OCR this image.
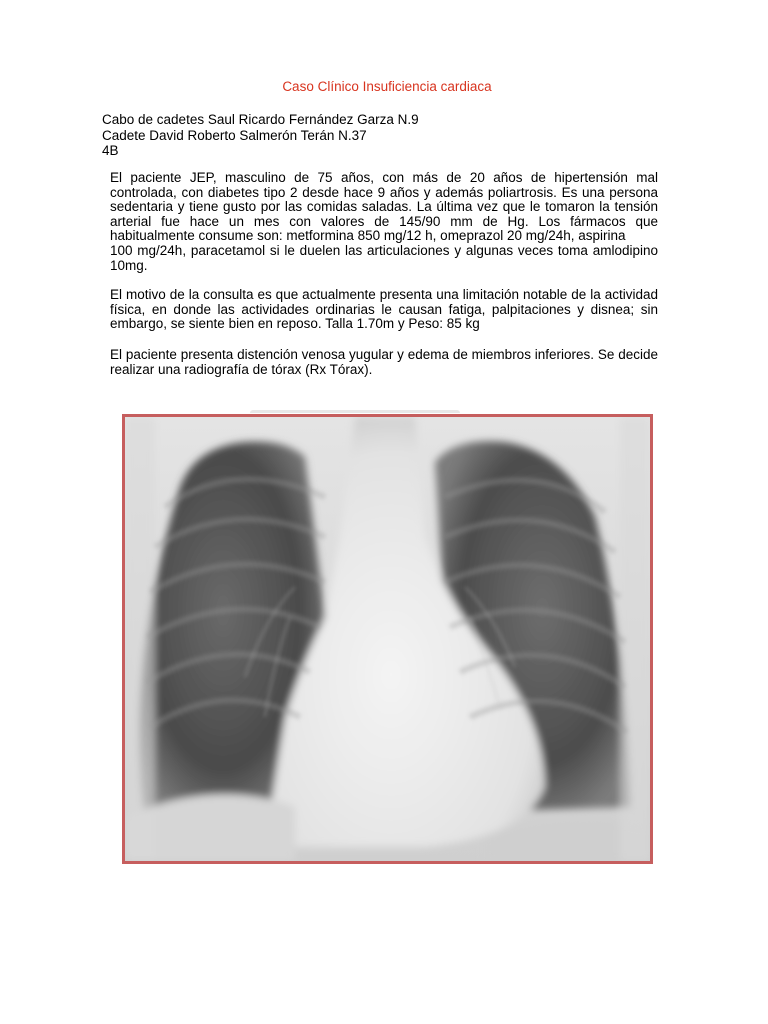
Caso Clínico Insuficiencia cardiaca
Cabo de cadetes Saul Ricardo Fernández Garza N.9
Cadete David Roberto Salmerón Terán N.37
4B

El paciente JEP, masculino de 75 años, con más de 20 años de hipertensión mal controlada, con diabetes tipo 2 desde hace 9 años y además poliartrosis. Es una persona sedentaria y tiene gusto por las comidas saladas. La última vez que le tomaron la tensión arterial fue hace un mes con valores de 145/90 mm de Hg. Los fármacos que habitualmente consume son: metformina 850 mg/12 h, omeprazol 20 mg/24h, aspirina

100 mg/24h, paracetamol si le duelen las articulaciones y algunas veces toma amlodipino 10mg.

El motivo de la consulta es que actualmente presenta una limitación notable de la actividad física, en donde las actividades ordinarias le causan fatiga, palpitaciones y disnea; sin embargo, se siente bien en reposo. Talla 1.70m y Peso: 85 kg

El paciente presenta distención venosa yugular y edema de miembros inferiores. Se decide realizar una radiografía de tórax (Rx Tórax).
